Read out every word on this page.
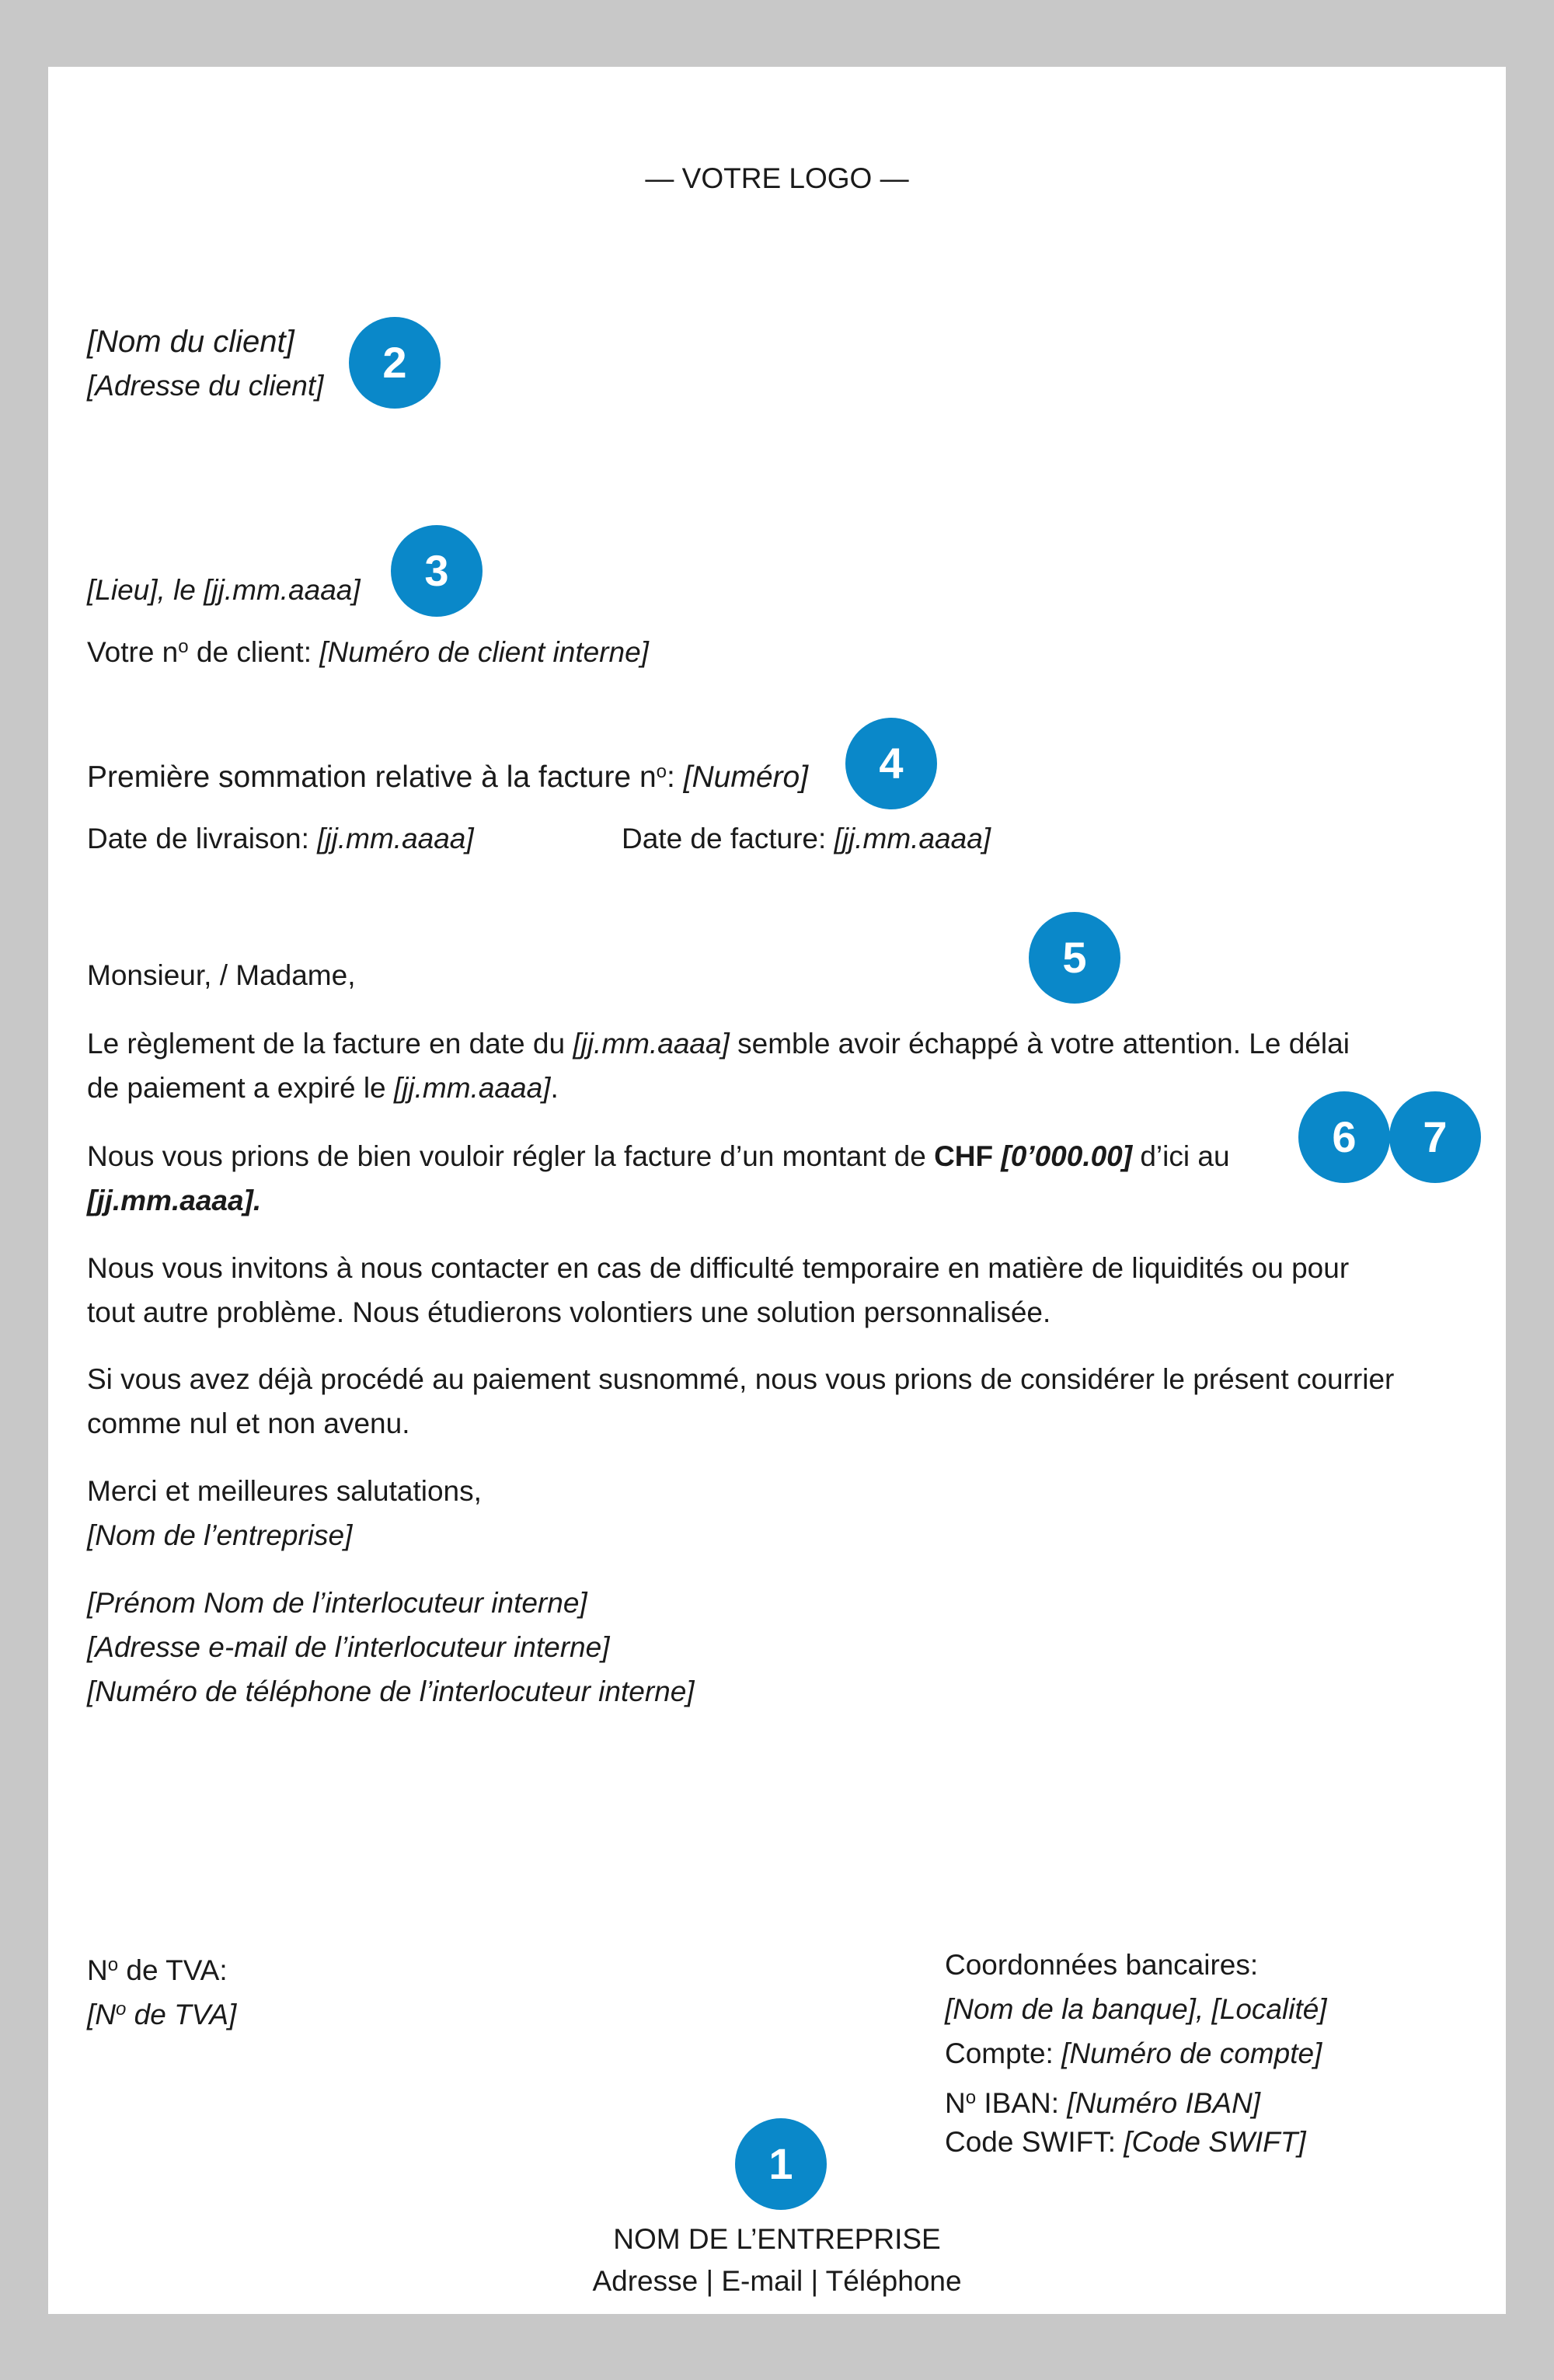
— VOTRE LOGO —
[Nom du client]
[Adresse du client]	2
[Lieu], le [jj.mm.aaaa]	3
Votre $n^o$ de client: [Numéro de client interne]
Première sommation relative à la facture $n^o$: [Numéro]	4
Date de livraison: [jj.mm.aaaa]	Date de facture: [jj.mm.aaaa]
Monsieur, / Madame,	5
Le règlement de la facture en date du [jj.mm.aaaa] semble avoir échappé à votre attention. Le délai
de paiement a expiré le [jj.mm.aaaa].
Nous vous prions de bien vouloir régler la facture d’un montant de CHF [0’000.00] d’ici au
[jj.mm.aaaa].
6	7
Nous vous invitons à nous contacter en cas de difficulté temporaire en matière de liquidités ou pour
tout autre problème. Nous étudierons volontiers une solution personnalisée.
Si vous avez déjà procédé au paiement susnommé, nous vous prions de considérer le présent courrier
comme nul et non avenu.
Merci et meilleures salutations,
[Nom de l’entreprise]
[Prénom Nom de l’interlocuteur interne]
[Adresse e-mail de l’interlocuteur interne]
[Numéro de téléphone de l’interlocuteur interne]
$N^o$ de TVA:
[$N^o$ de TVA]
Coordonnées bancaires:
[Nom de la banque], [Localité]
Compte: [Numéro de compte]
$N^o$ IBAN: [Numéro IBAN]
Code SWIFT: [Code SWIFT]
1
NOM DE L’ENTREPRISE
Adresse | E-mail | Téléphone
